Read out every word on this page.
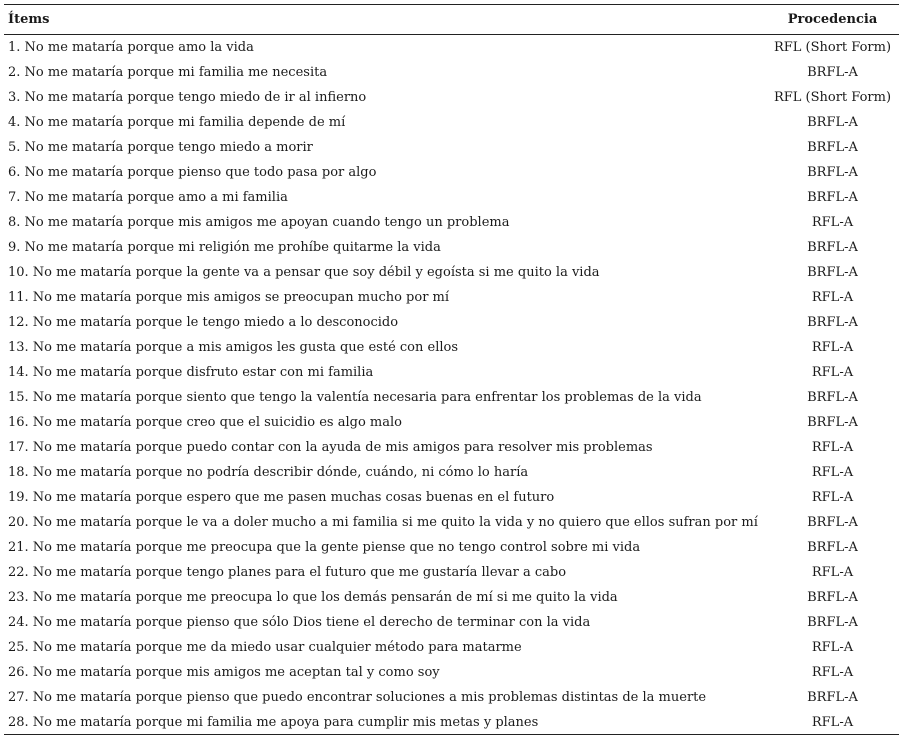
Ítems	Procedencia
1. No me mataría porque amo la vida	RFL (Short Form)
2. No me mataría porque mi familia me necesita	BRFL-A
3. No me mataría porque tengo miedo de ir al infierno	RFL (Short Form)
4. No me mataría porque mi familia depende de mí	BRFL-A
5. No me mataría porque tengo miedo a morir	BRFL-A
6. No me mataría porque pienso que todo pasa por algo	BRFL-A
7. No me mataría porque amo a mi familia	BRFL-A
8. No me mataría porque mis amigos me apoyan cuando tengo un problema	RFL-A
9. No me mataría porque mi religión me prohíbe quitarme la vida	BRFL-A
10. No me mataría porque la gente va a pensar que soy débil y egoísta si me quito la vida	BRFL-A
11. No me mataría porque mis amigos se preocupan mucho por mí	RFL-A
12. No me mataría porque le tengo miedo a lo desconocido	BRFL-A
13. No me mataría porque a mis amigos les gusta que esté con ellos	RFL-A
14. No me mataría porque disfruto estar con mi familia	RFL-A
15. No me mataría porque siento que tengo la valentía necesaria para enfrentar los problemas de la vida	BRFL-A
16. No me mataría porque creo que el suicidio es algo malo	BRFL-A
17. No me mataría porque puedo contar con la ayuda de mis amigos para resolver mis problemas	RFL-A
18. No me mataría porque no podría describir dónde, cuándo, ni cómo lo haría	RFL-A
19. No me mataría porque espero que me pasen muchas cosas buenas en el futuro	RFL-A
20. No me mataría porque le va a doler mucho a mi familia si me quito la vida y no quiero que ellos sufran por mí	BRFL-A
21. No me mataría porque me preocupa que la gente piense que no tengo control sobre mi vida	BRFL-A
22. No me mataría porque tengo planes para el futuro que me gustaría llevar a cabo	RFL-A
23. No me mataría porque me preocupa lo que los demás pensarán de mí si me quito la vida	BRFL-A
24. No me mataría porque pienso que sólo Dios tiene el derecho de terminar con la vida	BRFL-A
25. No me mataría porque me da miedo usar cualquier método para matarme	RFL-A
26. No me mataría porque mis amigos me aceptan tal y como soy	RFL-A
27. No me mataría porque pienso que puedo encontrar soluciones a mis problemas distintas de la muerte	BRFL-A
28. No me mataría porque mi familia me apoya para cumplir mis metas y planes	RFL-A
